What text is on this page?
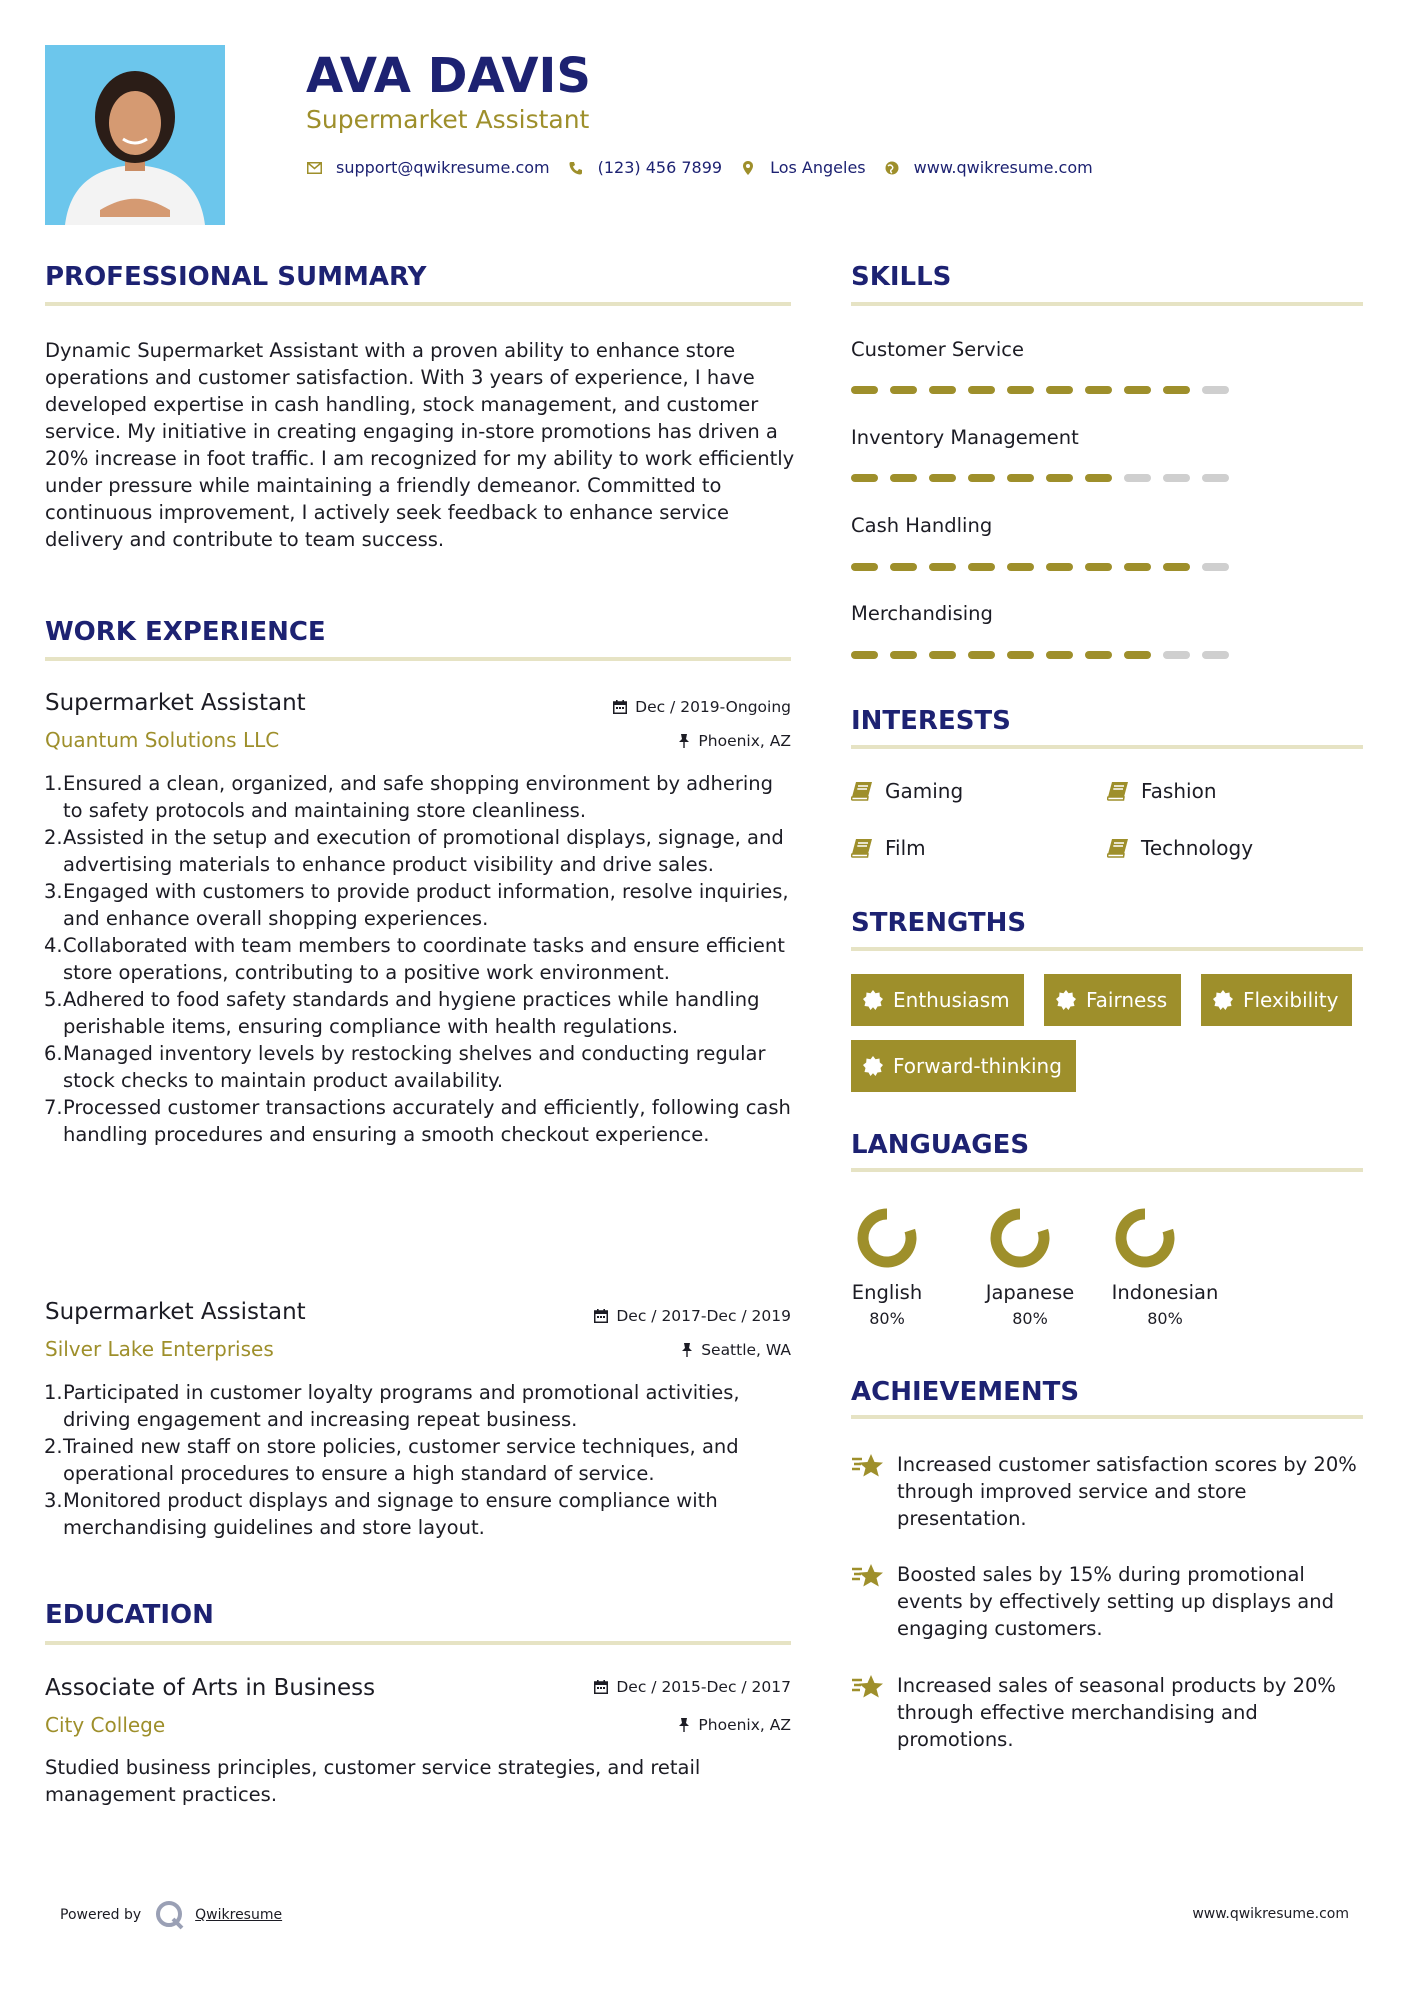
AVA DAVIS
Supermarket Assistant
support@qwikresume.com	(123) 456 7899	Los Angeles	www.qwikresume.com
PROFESSIONAL SUMMARY
Dynamic Supermarket Assistant with a proven ability to enhance store operations and customer satisfaction. With 3 years of experience, I have developed expertise in cash handling, stock management, and customer service. My initiative in creating engaging in-store promotions has driven a 20% increase in foot traffic. I am recognized for my ability to work efficiently under pressure while maintaining a friendly demeanor. Committed to continuous improvement, I actively seek feedback to enhance service delivery and contribute to team success.
WORK EXPERIENCE
Supermarket Assistant
Quantum Solutions LLC
Dec / 2019-Ongoing
Phoenix, AZ
1. Ensured a clean, organized, and safe shopping environment by adhering to safety protocols and maintaining store cleanliness.
2. Assisted in the setup and execution of promotional displays, signage, and advertising materials to enhance product visibility and drive sales.
3. Engaged with customers to provide product information, resolve inquiries, and enhance overall shopping experiences.
4. Collaborated with team members to coordinate tasks and ensure efficient store operations, contributing to a positive work environment.
5. Adhered to food safety standards and hygiene practices while handling perishable items, ensuring compliance with health regulations.
6. Managed inventory levels by restocking shelves and conducting regular stock checks to maintain product availability.
7. Processed customer transactions accurately and efficiently, following cash handling procedures and ensuring a smooth checkout experience.
Supermarket Assistant
Silver Lake Enterprises
Dec / 2017-Dec / 2019
Seattle, WA
1. Participated in customer loyalty programs and promotional activities, driving engagement and increasing repeat business.
2. Trained new staff on store policies, customer service techniques, and operational procedures to ensure a high standard of service.
3. Monitored product displays and signage to ensure compliance with merchandising guidelines and store layout.
EDUCATION
Associate of Arts in Business
City College
Dec / 2015-Dec / 2017
Phoenix, AZ
Studied business principles, customer service strategies, and retail management practices.
SKILLS
Customer Service
Inventory Management
Cash Handling
Merchandising
INTERESTS
Gaming	Fashion
Film	Technology
STRENGTHS
Enthusiasm	Fairness	Flexibility
Forward-thinking
LANGUAGES
English
80%
Japanese
80%
Indonesian
80%
ACHIEVEMENTS
Increased customer satisfaction scores by 20% through improved service and store presentation.
Boosted sales by 15% during promotional events by effectively setting up displays and engaging customers.
Increased sales of seasonal products by 20% through effective merchandising and promotions.
Powered by	Qwikresume	www.qwikresume.com
